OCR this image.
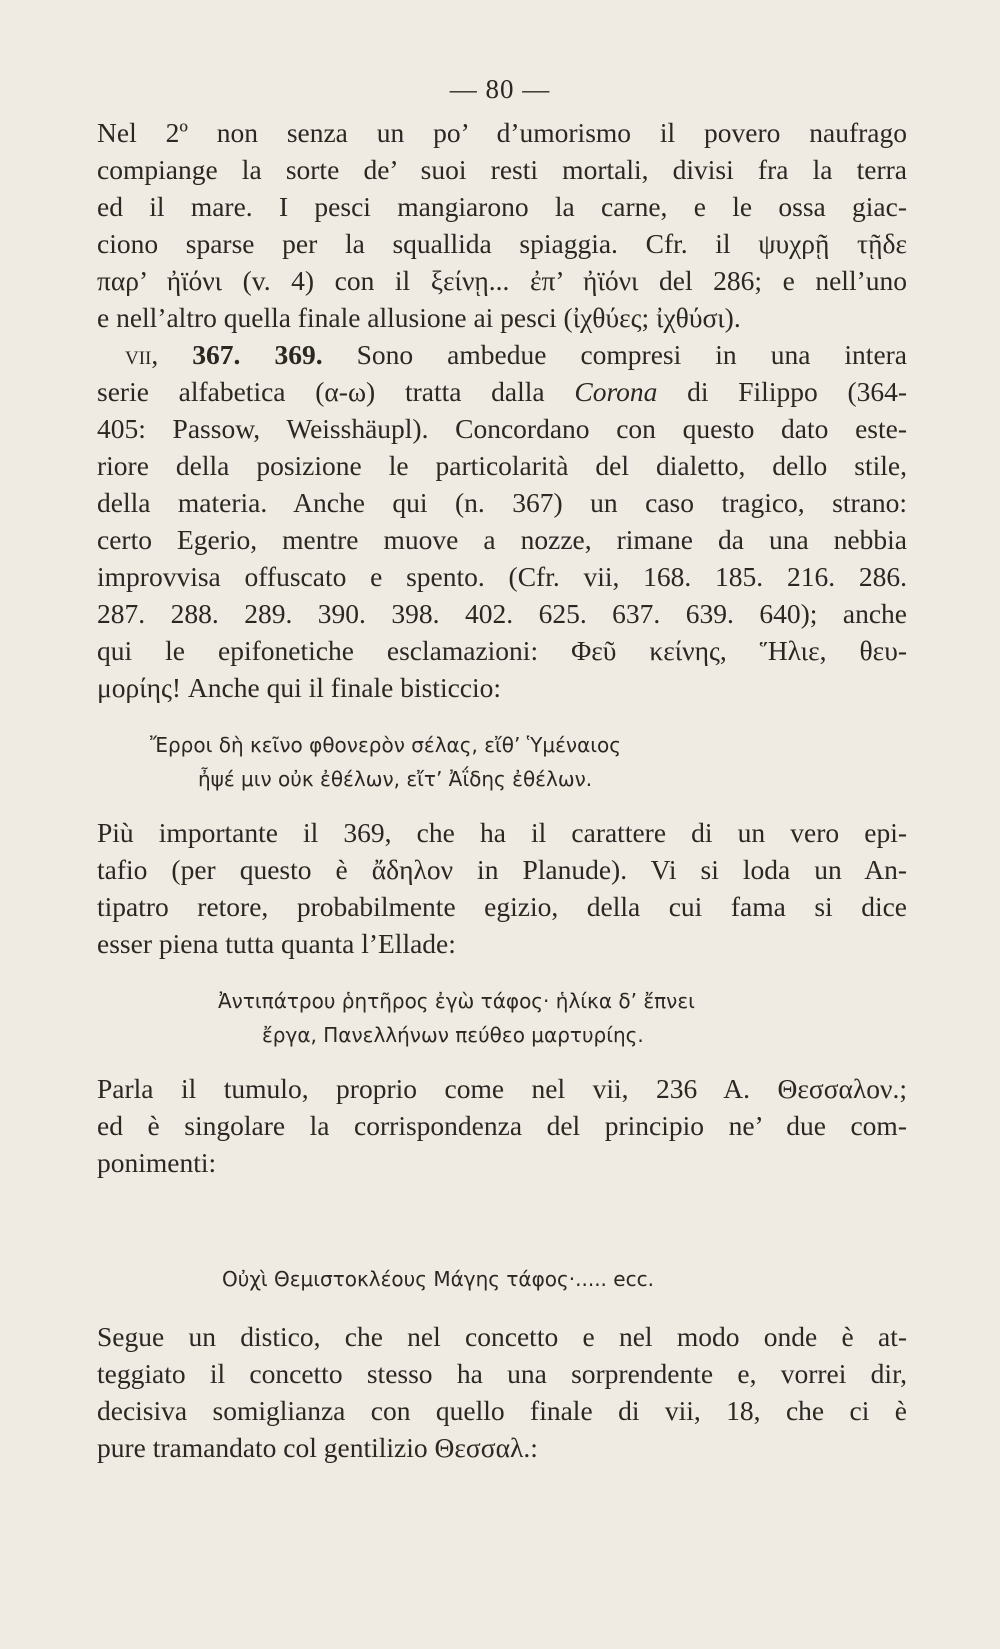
— 80 —
Nel 2º non senza un po’ d’umorismo il povero naufrago
compiange la sorte de’ suoi resti mortali, divisi fra la terra
ed il mare. I pesci mangiarono la carne, e le ossa giac-
ciono sparse per la squallida spiaggia. Cfr. il ψυχρῇ τῇδε
παρ’ ἠϊόνι (v. 4) con il ξείνῃ... ἐπ’ ἠϊόνι del 286; e nell’uno
e nell’altro quella finale allusione ai pesci (ἰχθύες; ἰχθύσι).
vii, 367. 369. Sono ambedue compresi in una intera
serie alfabetica (α-ω) tratta dalla Corona di Filippo (364-
405: Passow, Weisshäupl). Concordano con questo dato este-
riore della posizione le particolarità del dialetto, dello stile,
della materia. Anche qui (n. 367) un caso tragico, strano:
certo Egerio, mentre muove a nozze, rimane da una nebbia
improvvisa offuscato e spento. (Cfr. vii, 168. 185. 216. 286.
287. 288. 289. 390. 398. 402. 625. 637. 639. 640); anche
qui le epifonetiche esclamazioni: Φεῦ κείνης, Ἥλιε, θευ-
μορίης! Anche qui il finale bisticcio:
Ἔρροι δὴ κεῖνο φθονερὸν σέλας, εἴθ’ Ὑμέναιος
ἦψέ μιν οὐκ ἐθέλων, εἴτ’ Ἀΐδης ἐθέλων.
Più importante il 369, che ha il carattere di un vero epi-
tafio (per questo è ἄδηλον in Planude). Vi si loda un An-
tipatro retore, probabilmente egizio, della cui fama si dice
esser piena tutta quanta l’Ellade:
Ἀντιπάτρου ῥητῆρος ἐγὼ τάφος· ἡλίκα δ’ ἔπνει
ἔργα, Πανελλήνων πεύθεο μαρτυρίης.
Parla il tumulo, proprio come nel vii, 236 A. Θεσσαλον.;
ed è singolare la corrispondenza del principio ne’ due com-
ponimenti:
Οὐχὶ Θεμιστοκλέους Μάγης τάφος·..... ecc.
Segue un distico, che nel concetto e nel modo onde è at-
teggiato il concetto stesso ha una sorprendente e, vorrei dir,
decisiva somiglianza con quello finale di vii, 18, che ci è
pure tramandato col gentilizio Θεσσαλ.:
